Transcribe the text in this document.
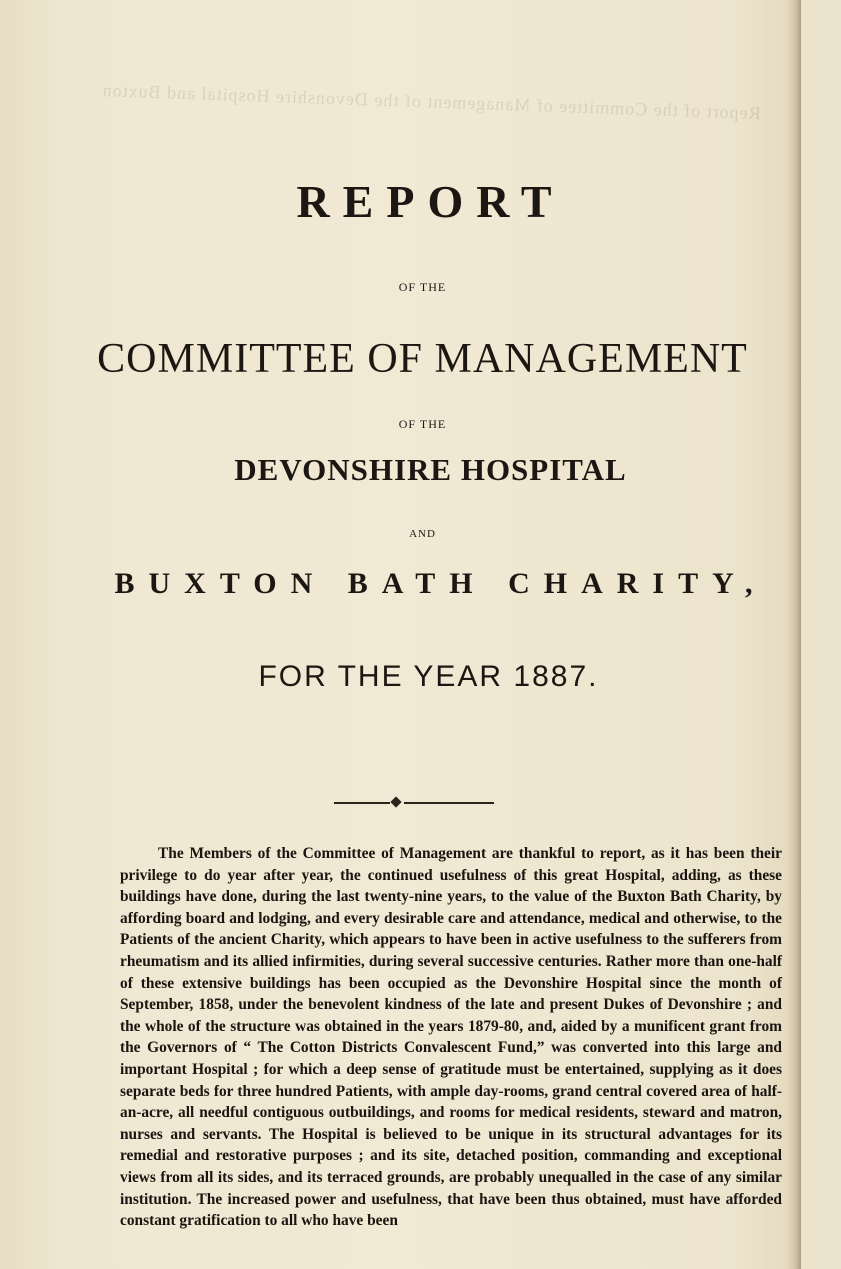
Report of the Committee of Management of the Devonshire Hospital and Buxton
REPORT
OF THE
COMMITTEE OF MANAGEMENT
OF THE
DEVONSHIRE HOSPITAL
AND
BUXTON BATH CHARITY,
FOR THE YEAR 1887.

The Members of the Committee of Management are thankful to report, as it has been their privilege to do year after year, the continued usefulness of this great Hospital, adding, as these buildings have done, during the last twenty-nine years, to the value of the Buxton Bath Charity, by affording board and lodging, and every desirable care and attendance, medical and otherwise, to the Patients of the ancient Charity, which appears to have been in active usefulness to the sufferers from rheumatism and its allied infirmities, during several successive centuries. Rather more than one-half of these extensive buildings has been occupied as the Devonshire Hospital since the month of September, 1858, under the benevolent kindness of the late and present Dukes of Devonshire ; and the whole of the structure was obtained in the years 1879-80, and, aided by a munificent grant from the Governors of “ The Cotton Districts Convalescent Fund,” was converted into this large and important Hospital ; for which a deep sense of gratitude must be entertained, supplying as it does separate beds for three hundred Patients, with ample day-rooms, grand central covered area of half-an-acre, all needful contiguous outbuildings, and rooms for medical residents, steward and matron, nurses and servants. The Hospital is believed to be unique in its structural advantages for its remedial and restorative purposes ; and its site, detached position, commanding and exceptional views from all its sides, and its terraced grounds, are probably unequalled in the case of any similar institution. The increased power and usefulness, that have been thus obtained, must have afforded constant gratification to all who have been
